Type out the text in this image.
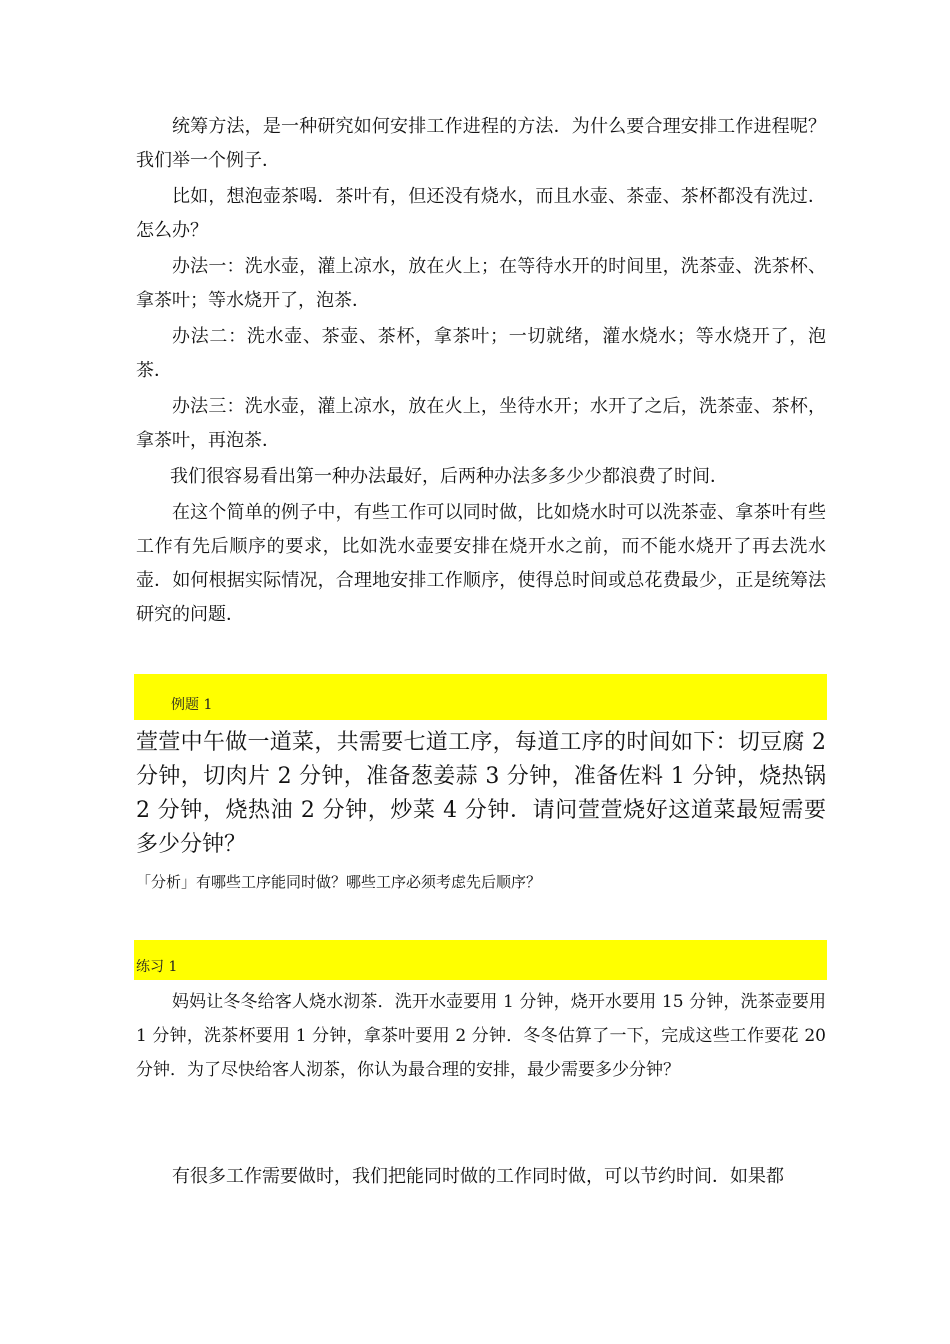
统筹方法，是一种研究如何安排工作进程的方法．为什么要合理安排工作进程呢？我们举一个例子．

比如，想泡壶茶喝．茶叶有，但还没有烧水，而且水壶、茶壶、茶杯都没有洗过．怎么办？

办法一：洗水壶，灌上凉水，放在火上；在等待水开的时间里，洗茶壶、洗茶杯、拿茶叶；等水烧开了，泡茶．

办法二：洗水壶、茶壶、茶杯，拿茶叶；一切就绪，灌水烧水；等水烧开了，泡茶．

办法三：洗水壶，灌上凉水，放在火上，坐待水开；水开了之后，洗茶壶、茶杯，拿茶叶，再泡茶．

我们很容易看出第一种办法最好，后两种办法多多少少都浪费了时间．

在这个简单的例子中，有些工作可以同时做，比如烧水时可以洗茶壶、拿茶叶有些工作有先后顺序的要求，比如洗水壶要安排在烧开水之前，而不能水烧开了再去洗水壶．如何根据实际情况，合理地安排工作顺序，使得总时间或总花费最少，正是统筹法研究的问题．

例题 1

萱萱中午做一道菜，共需要七道工序，每道工序的时间如下：切豆腐 2 分钟，切肉片 2 分钟，准备葱姜蒜 3 分钟，准备佐料 1 分钟，烧热锅 2 分钟，烧热油 2 分钟，炒菜 4 分钟．请问萱萱烧好这道菜最短需要多少分钟？

「分析」有哪些工序能同时做？哪些工序必须考虑先后顺序？

练习 1

妈妈让冬冬给客人烧水沏茶．洗开水壶要用 1 分钟，烧开水要用 15 分钟，洗茶壶要用 1 分钟，洗茶杯要用 1 分钟，拿茶叶要用 2 分钟．冬冬估算了一下，完成这些工作要花 20 分钟．为了尽快给客人沏茶，你认为最合理的安排，最少需要多少分钟？

有很多工作需要做时，我们把能同时做的工作同时做，可以节约时间．如果都
